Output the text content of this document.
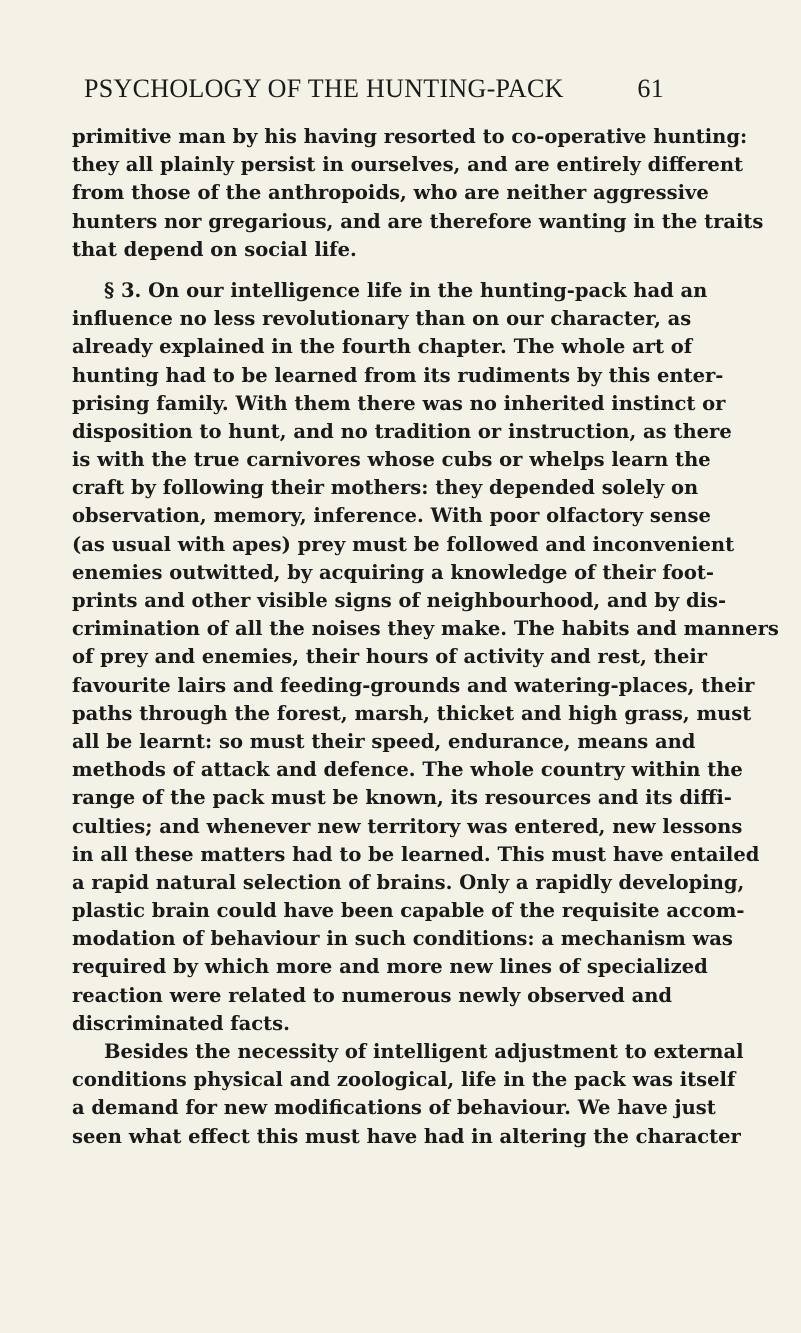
PSYCHOLOGY OF THE HUNTING-PACK	61
primitive man by his having resorted to co-operative hunting:
they all plainly persist in ourselves, and are entirely different
from those of the anthropoids, who are neither aggressive
hunters nor gregarious, and are therefore wanting in the traits
that depend on social life.
§ 3. On our intelligence life in the hunting-pack had an
influence no less revolutionary than on our character, as
already explained in the fourth chapter. The whole art of
hunting had to be learned from its rudiments by this enter-
prising family. With them there was no inherited instinct or
disposition to hunt, and no tradition or instruction, as there
is with the true carnivores whose cubs or whelps learn the
craft by following their mothers: they depended solely on
observation, memory, inference. With poor olfactory sense
(as usual with apes) prey must be followed and inconvenient
enemies outwitted, by acquiring a knowledge of their foot-
prints and other visible signs of neighbourhood, and by dis-
crimination of all the noises they make. The habits and manners
of prey and enemies, their hours of activity and rest, their
favourite lairs and feeding-grounds and watering-places, their
paths through the forest, marsh, thicket and high grass, must
all be learnt: so must their speed, endurance, means and
methods of attack and defence. The whole country within the
range of the pack must be known, its resources and its diffi-
culties; and whenever new territory was entered, new lessons
in all these matters had to be learned. This must have entailed
a rapid natural selection of brains. Only a rapidly developing,
plastic brain could have been capable of the requisite accom-
modation of behaviour in such conditions: a mechanism was
required by which more and more new lines of specialized
reaction were related to numerous newly observed and
discriminated facts.
Besides the necessity of intelligent adjustment to external
conditions physical and zoological, life in the pack was itself
a demand for new modifications of behaviour. We have just
seen what effect this must have had in altering the character
